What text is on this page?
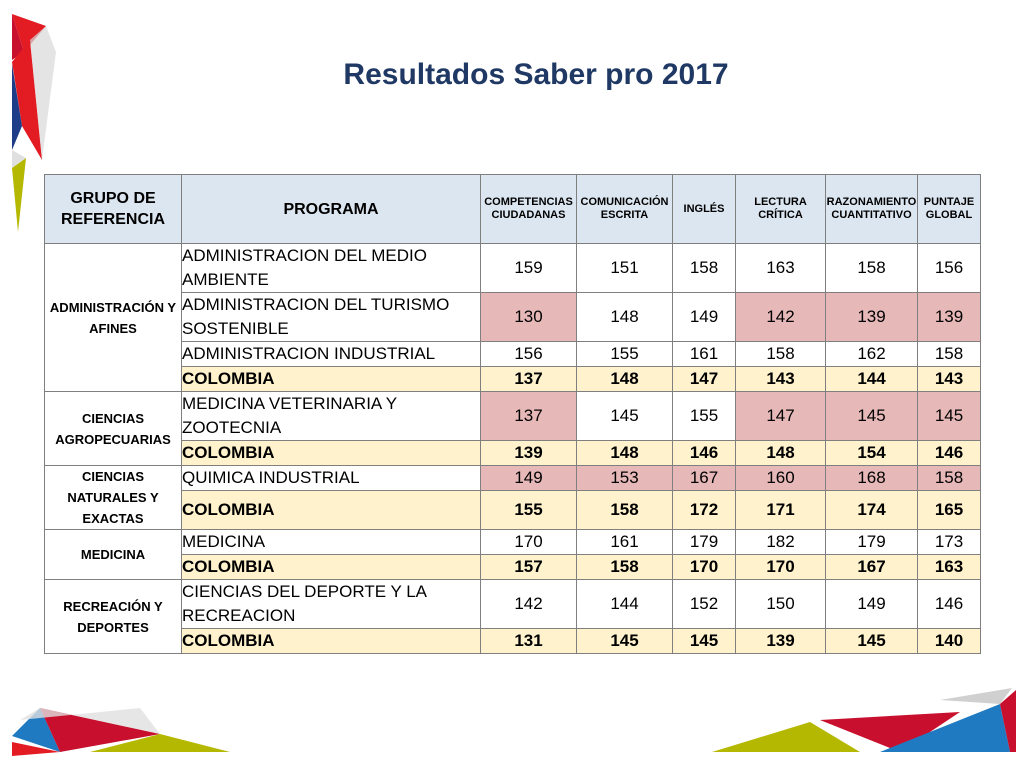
Resultados Saber pro 2017
GRUPO DE REFERENCIA	PROGRAMA	COMPETENCIAS CIUDADANAS	COMUNICACIÓN ESCRITA	INGLÉS	LECTURA CRÍTICA	RAZONAMIENTO CUANTITATIVO	PUNTAJE GLOBAL
ADMINISTRACIÓN Y AFINES	ADMINISTRACION DEL MEDIO AMBIENTE	159	151	158	163	158	156
	ADMINISTRACION DEL TURISMO SOSTENIBLE	130	148	149	142	139	139
	ADMINISTRACION INDUSTRIAL	156	155	161	158	162	158
	COLOMBIA	137	148	147	143	144	143
CIENCIAS AGROPECUARIAS	MEDICINA VETERINARIA Y ZOOTECNIA	137	145	155	147	145	145
	COLOMBIA	139	148	146	148	154	146
CIENCIAS NATURALES Y EXACTAS	QUIMICA INDUSTRIAL	149	153	167	160	168	158
	COLOMBIA	155	158	172	171	174	165
MEDICINA	MEDICINA	170	161	179	182	179	173
	COLOMBIA	157	158	170	170	167	163
RECREACIÓN Y DEPORTES	CIENCIAS DEL DEPORTE Y LA RECREACION	142	144	152	150	149	146
	COLOMBIA	131	145	145	139	145	140
